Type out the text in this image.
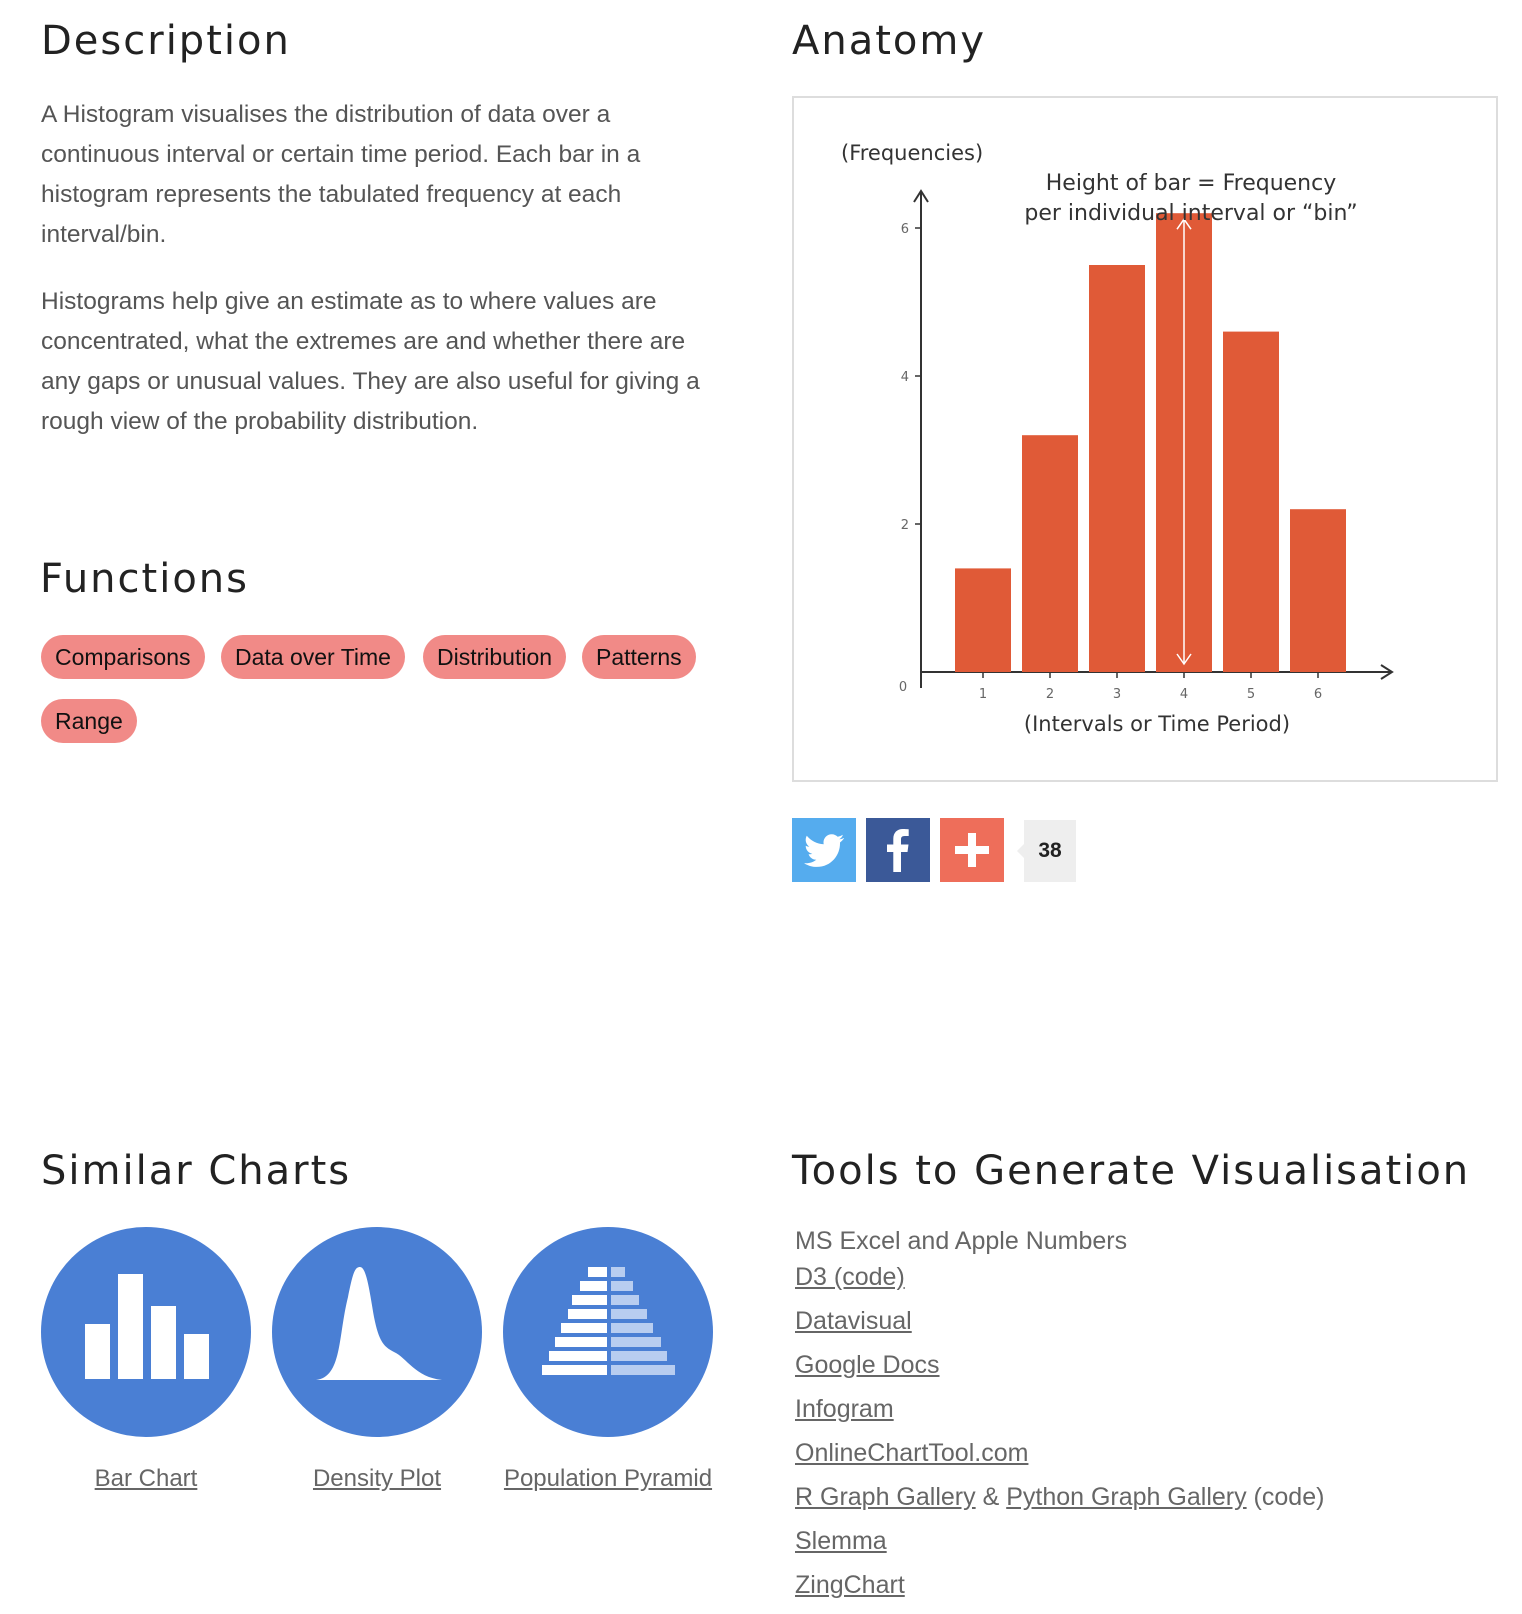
Description
A Histogram visualises the distribution of data over a
continuous interval or certain time period. Each bar in a
histogram represents the tabulated frequency at each
interval/bin.
Histograms help give an estimate as to where values are
concentrated, what the extremes are and whether there are
any gaps or unusual values. They are also useful for giving a
rough view of the probability distribution.
Functions
Comparisons	Data over Time	Distribution	Patterns
Range
Anatomy
0
2
4
6
1	2	3	4	5	6
(Frequencies)
Height of bar = Frequency
per individual interval or “bin”
(Intervals or Time Period)
38
Similar Charts
Bar Chart	Density Plot	Population Pyramid
Tools to Generate Visualisation
MS Excel and Apple Numbers
D3 (code)
Datavisual
Google Docs
Infogram
OnlineChartTool.com
R Graph Gallery & Python Graph Gallery (code)
Slemma
ZingChart
